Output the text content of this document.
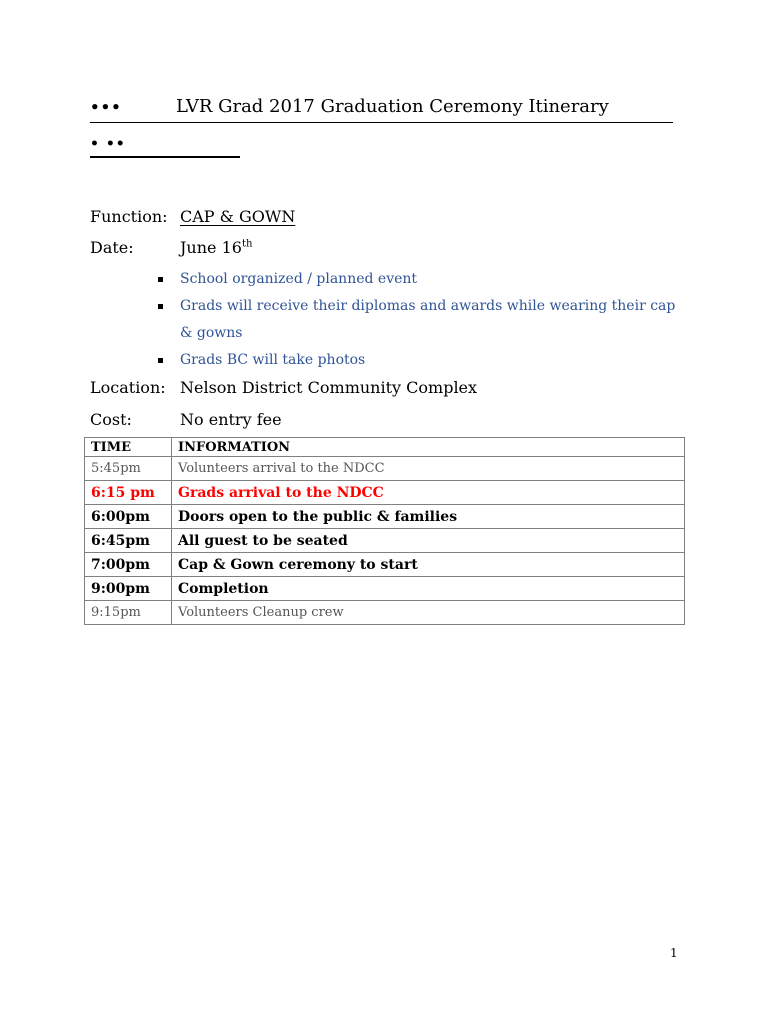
•••	LVR Grad 2017 Graduation Ceremony Itinerary
• ••
Function: CAP & GOWN
Date:	June 16th
School organized / planned event
Grads will receive their diplomas and awards while wearing their cap & gowns
Grads BC will take photos
Location: Nelson District Community Complex
Cost:	No entry fee
TIME	INFORMATION
5:45pm	Volunteers arrival to the NDCC
6:15 pm	Grads arrival to the NDCC
6:00pm	Doors open to the public & families
6:45pm	All guest to be seated
7:00pm	Cap & Gown ceremony to start
9:00pm	Completion
9:15pm	Volunteers Cleanup crew
1
